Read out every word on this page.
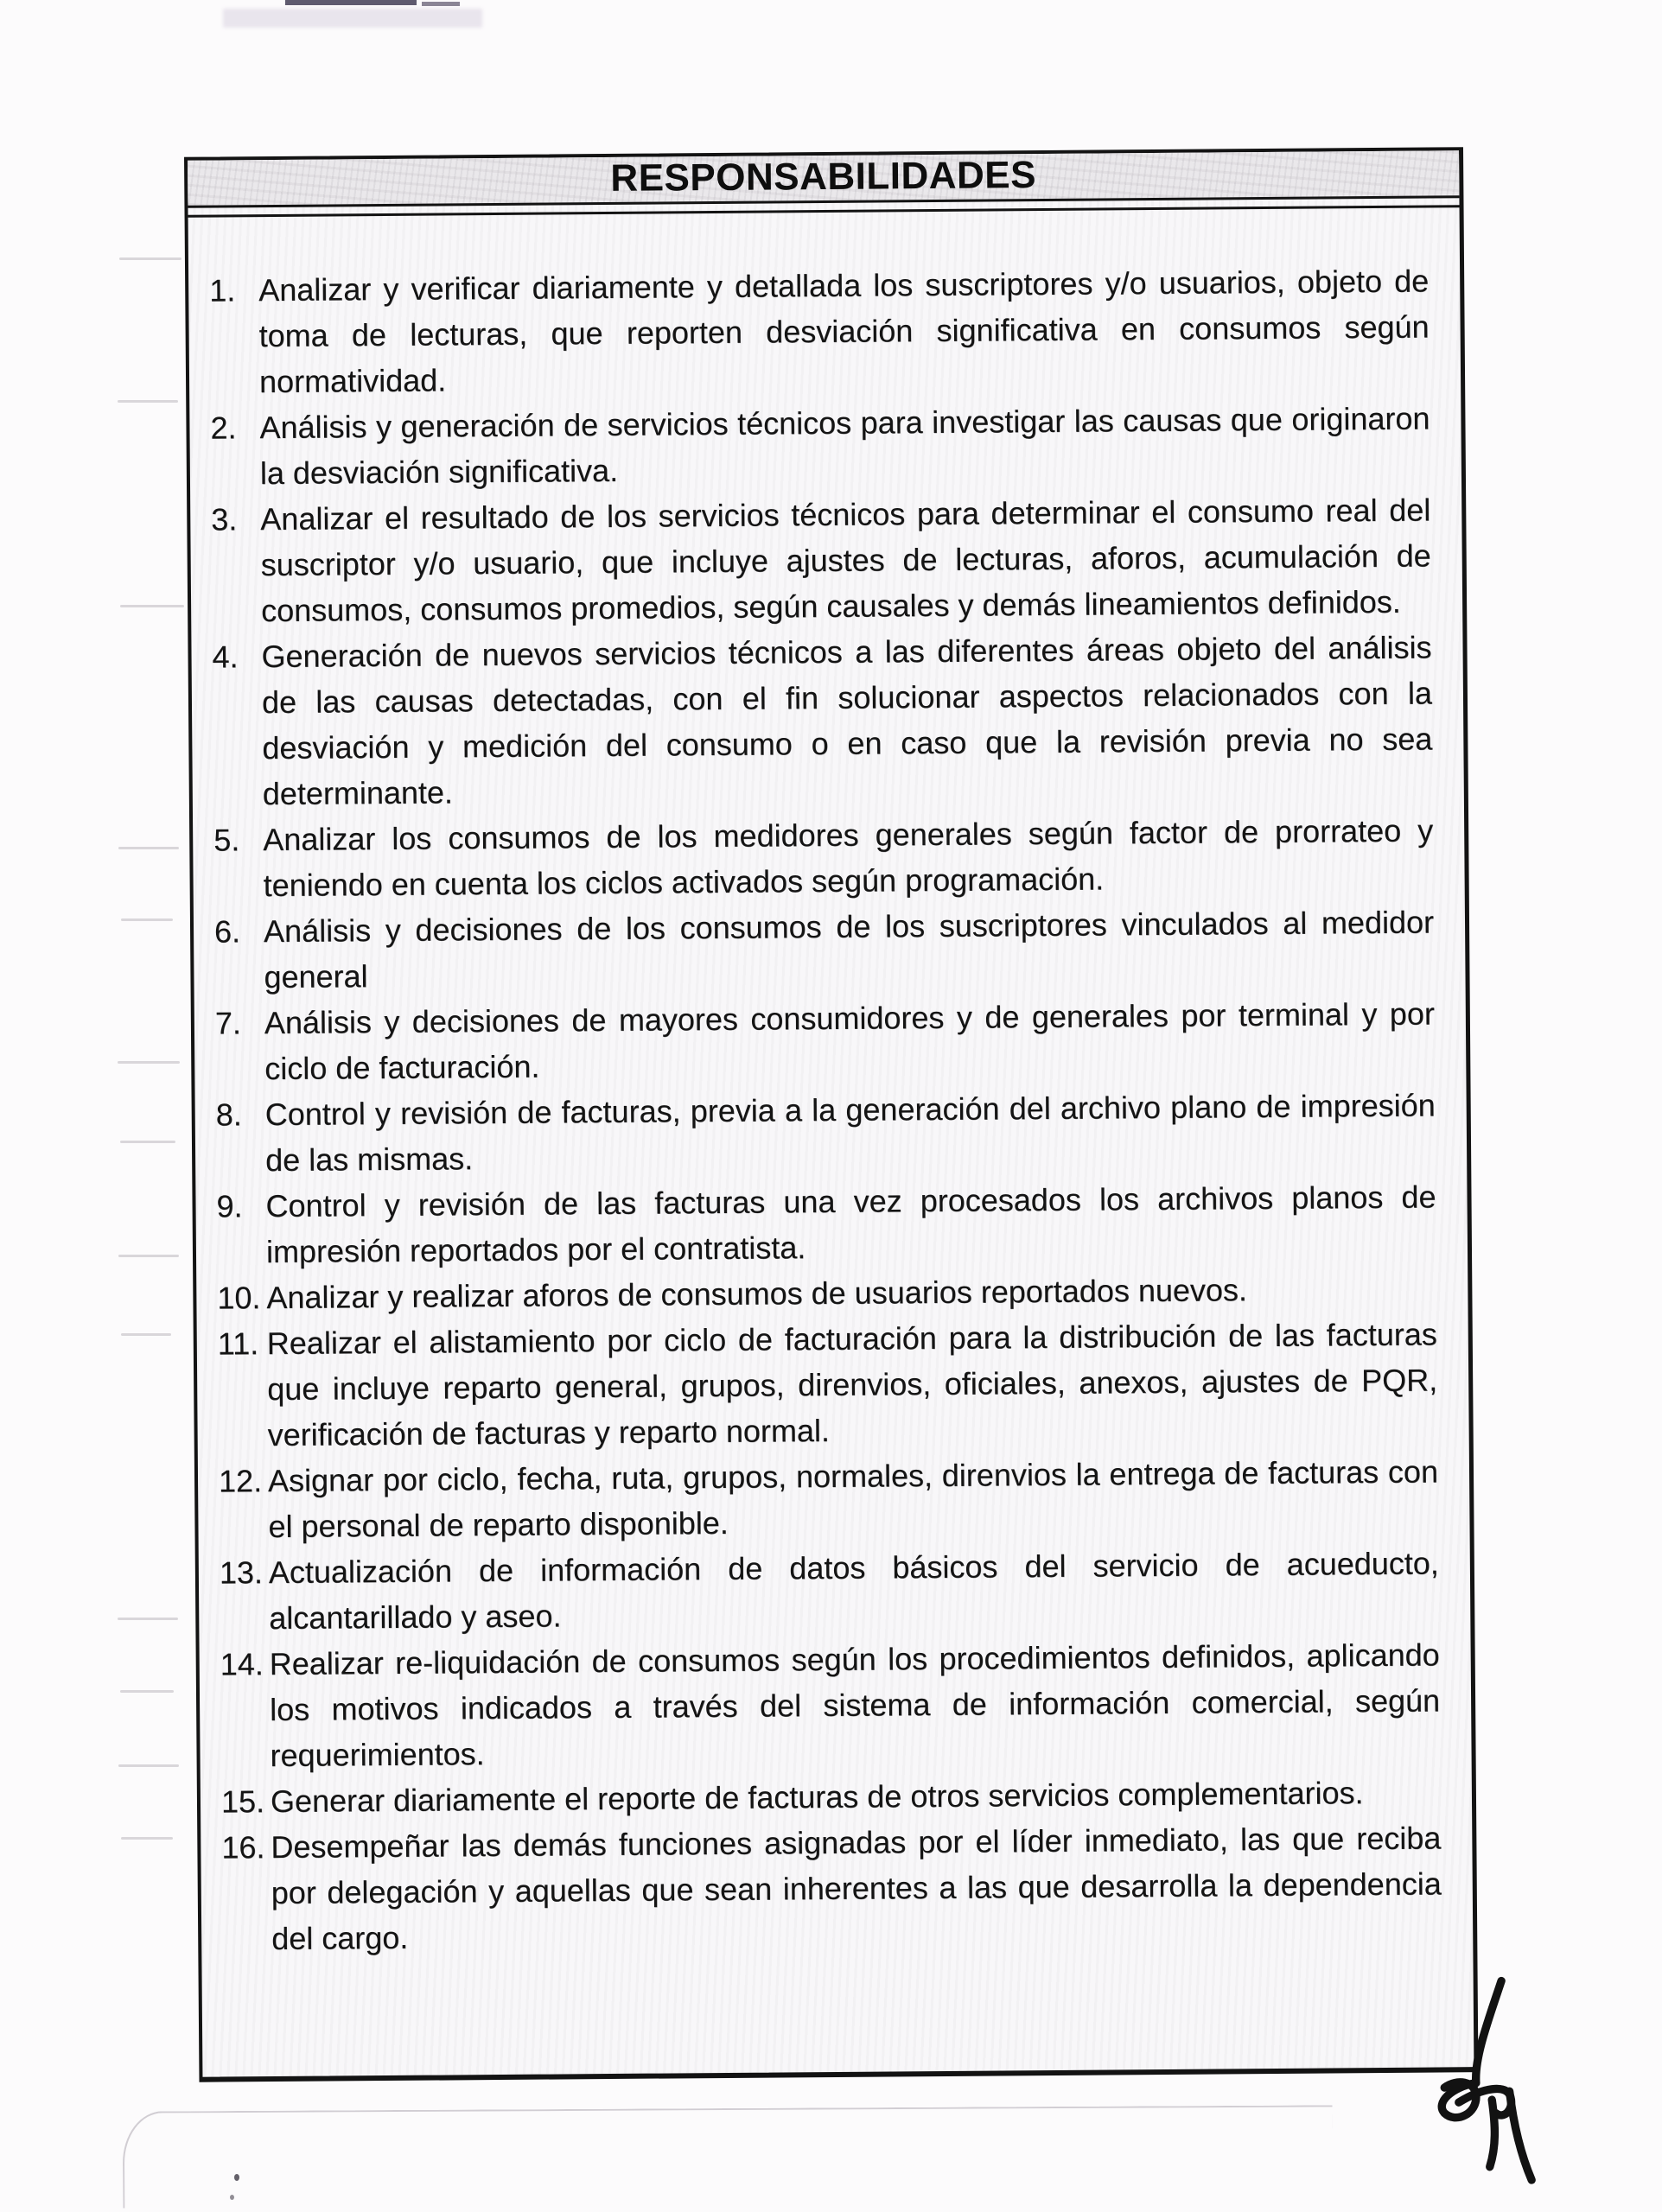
RESPONSABILIDADES
1. Analizar y verificar diariamente y detallada los suscriptores y/o usuarios, objeto de toma de lecturas, que reporten desviación significativa en consumos según normatividad.
2. Análisis y generación de servicios técnicos para investigar las causas que originaron la desviación significativa.
3. Analizar el resultado de los servicios técnicos para determinar el consumo real del suscriptor y/o usuario, que incluye ajustes de lecturas, aforos, acumulación de consumos, consumos promedios, según causales y demás lineamientos definidos.
4. Generación de nuevos servicios técnicos a las diferentes áreas objeto del análisis de las causas detectadas, con el fin solucionar aspectos relacionados con la desviación y medición del consumo o en caso que la revisión previa no sea determinante.
5. Analizar los consumos de los medidores generales según factor de prorrateo y teniendo en cuenta los ciclos activados según programación.
6. Análisis y decisiones de los consumos de los suscriptores vinculados al medidor general
7. Análisis y decisiones de mayores consumidores y de generales por terminal y por ciclo de facturación.
8. Control y revisión de facturas, previa a la generación del archivo plano de impresión de las mismas.
9. Control y revisión de las facturas una vez procesados los archivos planos de impresión reportados por el contratista.
10. Analizar y realizar aforos de consumos de usuarios reportados nuevos.
11. Realizar el alistamiento por ciclo de facturación para la distribución de las facturas que incluye reparto general, grupos, direnvios, oficiales, anexos, ajustes de PQR, verificación de facturas y reparto normal.
12. Asignar por ciclo, fecha, ruta, grupos, normales, direnvios la entrega de facturas con el personal de reparto disponible.
13. Actualización de información de datos básicos del servicio de acueducto, alcantarillado y aseo.
14. Realizar re-liquidación de consumos según los procedimientos definidos, aplicando los motivos indicados a través del sistema de información comercial, según requerimientos.
15. Generar diariamente el reporte de facturas de otros servicios complementarios.
16. Desempeñar las demás funciones asignadas por el líder inmediato, las que reciba por delegación y aquellas que sean inherentes a las que desarrolla la dependencia del cargo.
